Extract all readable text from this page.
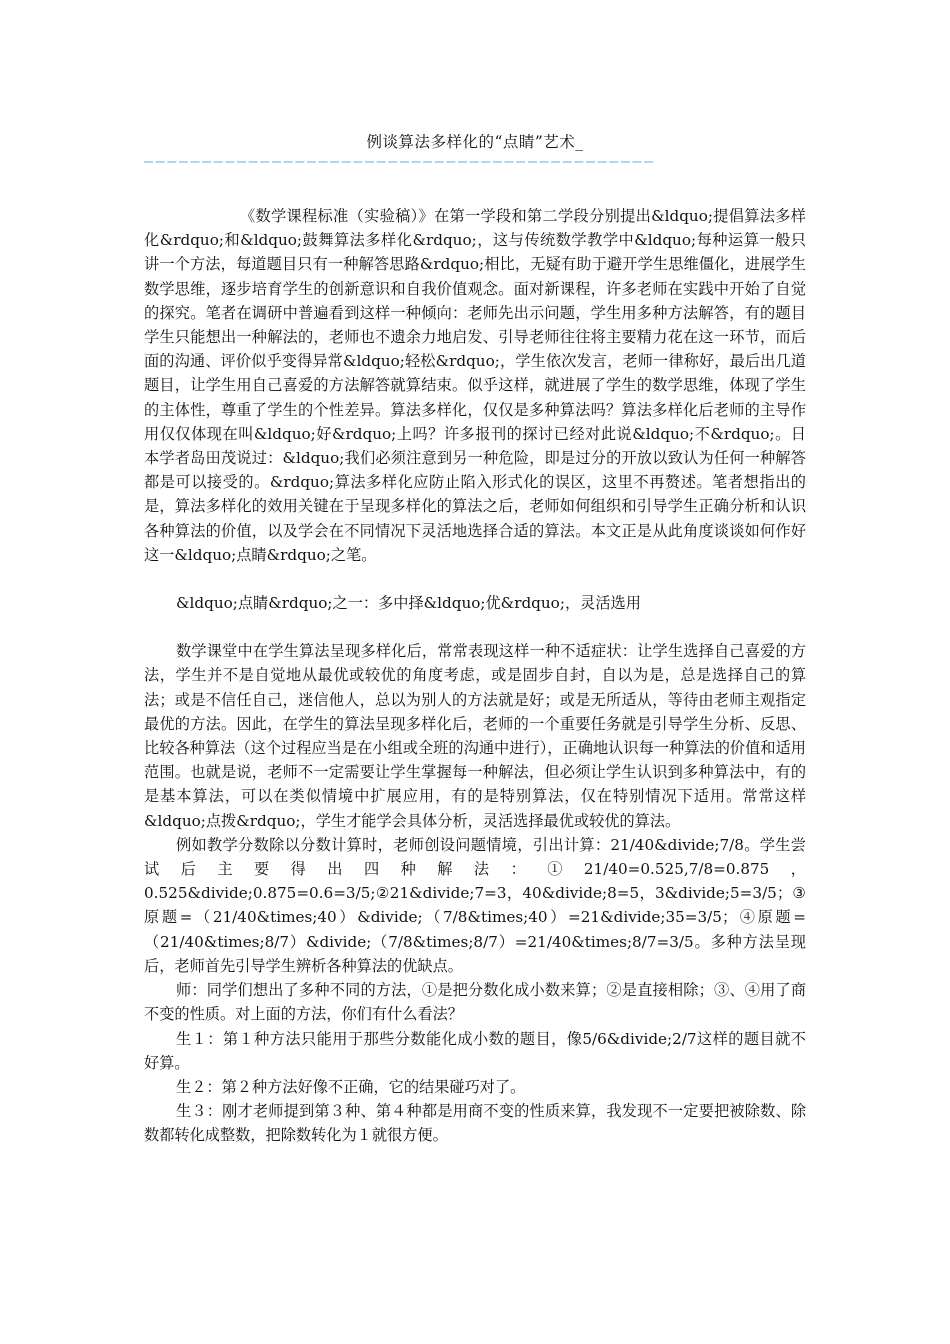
例谈算法多样化的“点睛”艺术_
————————————————————————————————————————————

《数学课程标准（实验稿）》在第一学段和第二学段分别提出&ldquo;提倡算法多样化&rdquo;和&ldquo;鼓舞算法多样化&rdquo;，这与传统数学教学中&ldquo;每种运算一般只讲一个方法，每道题目只有一种解答思路&rdquo;相比，无疑有助于避开学生思维僵化，进展学生数学思维，逐步培育学生的创新意识和自我价值观念。面对新课程，许多老师在实践中开始了自觉的探究。笔者在调研中普遍看到这样一种倾向：老师先出示问题，学生用多种方法解答，有的题目学生只能想出一种解法的，老师也不遗余力地启发、引导老师往往将主要精力花在这一环节，而后面的沟通、评价似乎变得异常&ldquo;轻松&rdquo;，学生依次发言，老师一律称好，最后出几道题目，让学生用自己喜爱的方法解答就算结束。似乎这样，就进展了学生的数学思维，体现了学生的主体性，尊重了学生的个性差异。算法多样化，仅仅是多种算法吗？算法多样化后老师的主导作用仅仅体现在叫&ldquo;好&rdquo;上吗？许多报刊的探讨已经对此说&ldquo;不&rdquo;。日本学者岛田茂说过：&ldquo;我们必须注意到另一种危险，即是过分的开放以致认为任何一种解答都是可以接受的。&rdquo;算法多样化应防止陷入形式化的误区，这里不再赘述。笔者想指出的是，算法多样化的效用关键在于呈现多样化的算法之后，老师如何组织和引导学生正确分析和认识各种算法的价值，以及学会在不同情况下灵活地选择合适的算法。本文正是从此角度谈谈如何作好这一&ldquo;点睛&rdquo;之笔。

&ldquo;点睛&rdquo;之一：多中择&ldquo;优&rdquo;，灵活选用

数学课堂中在学生算法呈现多样化后，常常表现这样一种不适症状：让学生选择自己喜爱的方法，学生并不是自觉地从最优或较优的角度考虑，或是固步自封，自以为是，总是选择自己的算法；或是不信任自己，迷信他人，总以为别人的方法就是好；或是无所适从，等待由老师主观指定最优的方法。因此，在学生的算法呈现多样化后，老师的一个重要任务就是引导学生分析、反思、比较各种算法（这个过程应当是在小组或全班的沟通中进行），正确地认识每一种算法的价值和适用范围。也就是说，老师不一定需要让学生掌握每一种解法，但必须让学生认识到多种算法中，有的是基本算法，可以在类似情境中扩展应用，有的是特别算法，仅在特别情况下适用。常常这样&ldquo;点拨&rdquo;，学生才能学会具体分析，灵活选择最优或较优的算法。

例如教学分数除以分数计算时，老师创设问题情境，引出计算：21/40&divide;7/8。学生尝试后主要得出四种解法：①21/40=0.525,7/8=0.875，0.525&divide;0.875=0.6=3/5;②21&divide;7=3，40&divide;8=5，3&divide;5=3/5；③原题=（21/40&times;40）&divide;（7/8&times;40）=21&divide;35=3/5；④原题=（21/40&times;8/7）&divide;（7/8&times;8/7）=21/40&times;8/7=3/5。多种方法呈现后，老师首先引导学生辨析各种算法的优缺点。

师：同学们想出了多种不同的方法，①是把分数化成小数来算；②是直接相除；③、④用了商不变的性质。对上面的方法，你们有什么看法？

生１：第１种方法只能用于那些分数能化成小数的题目，像5/6&divide;2/7这样的题目就不好算。

生２：第２种方法好像不正确，它的结果碰巧对了。

生３：刚才老师提到第３种、第４种都是用商不变的性质来算，我发现不一定要把被除数、除数都转化成整数，把除数转化为１就很方便。
